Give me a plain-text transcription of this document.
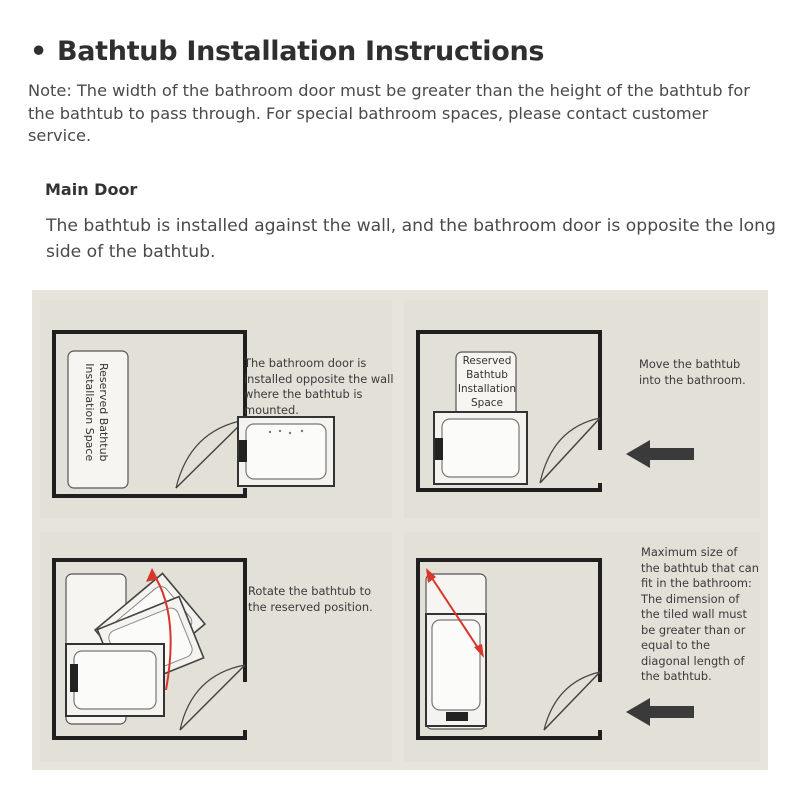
• Bathtub Installation Instructions
Note: The width of the bathroom door must be greater than the height of the bathtub for the bathtub to pass through. For special bathroom spaces, please contact customer service.
Main Door
The bathtub is installed against the wall, and the bathroom door is opposite the long side of the bathtub.
Reserved Bathtub
Installation Space
The bathroom door is installed opposite the wall where the bathtub is mounted.
Reserved
Bathtub
Installation
Space
Move the bathtub into the bathroom.
Rotate the bathtub to the reserved position.
Maximum size of the bathtub that can fit in the bathroom: The dimension of the tiled wall must be greater than or equal to the diagonal length of the bathtub.
